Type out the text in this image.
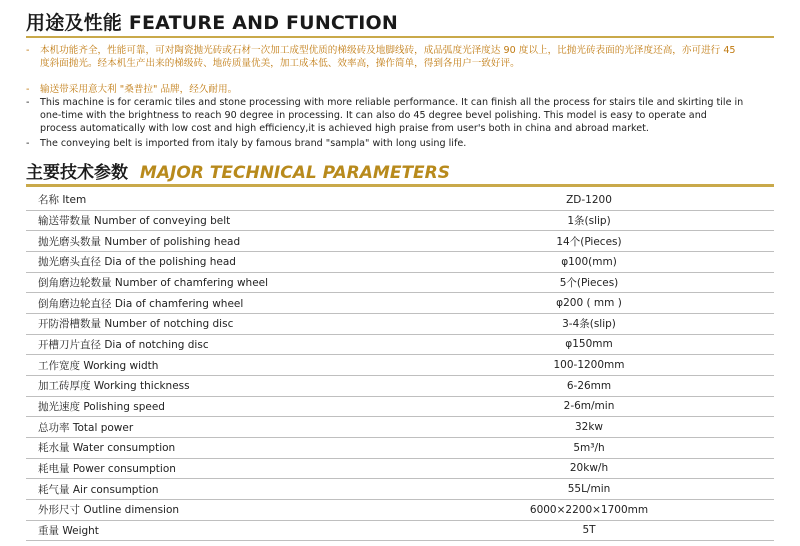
用途及性能 FEATURE AND FUNCTION
-	本机功能齐全，性能可靠，可对陶瓷抛光砖或石材一次加工成型优质的梯级砖及地脚线砖，成品弧度光泽度达 90 度以上，比抛光砖表面的光泽度还高，亦可进行 45 度斜面抛光。经本机生产出来的梯级砖、地砖质量优美，加工成本低、效率高，操作简单，得到各用户一致好评。
-	输送带采用意大利 "桑普拉" 品牌，经久耐用。
-	This machine is for ceramic tiles and stone processing with more reliable performance. It can finish all the process for stairs tile and skirting tile in one-time with the brightness to reach 90 degree in processing. It can also do 45 degree bevel polishing. This model is easy to operate and process automatically with low cost and high efficiency,it is achieved high praise from user's both in china and abroad market.
-	The conveying belt is imported from italy by famous brand "sampla" with long using life.
主要技术参数 MAJOR TECHNICAL PARAMETERS
名称 Item	ZD-1200
输送带数量 Number of conveying belt	1条(slip)
抛光磨头数量 Number of polishing head	14个(Pieces)
抛光磨头直径 Dia of the polishing head	φ100(mm)
倒角磨边轮数量 Number of chamfering wheel	5个(Pieces)
倒角磨边轮直径 Dia of chamfering wheel	φ200 ( mm )
开防滑槽数量 Number of notching disc	3-4条(slip)
开槽刀片直径 Dia of notching disc	φ150mm
工作宽度 Working width	100-1200mm
加工砖厚度 Working thickness	6-26mm
抛光速度 Polishing speed	2-6m/min
总功率 Total power	32kw
耗水量 Water consumption	5m³/h
耗电量 Power consumption	20kw/h
耗气量 Air consumption	55L/min
外形尺寸 Outline dimension	6000×2200×1700mm
重量 Weight	5T
